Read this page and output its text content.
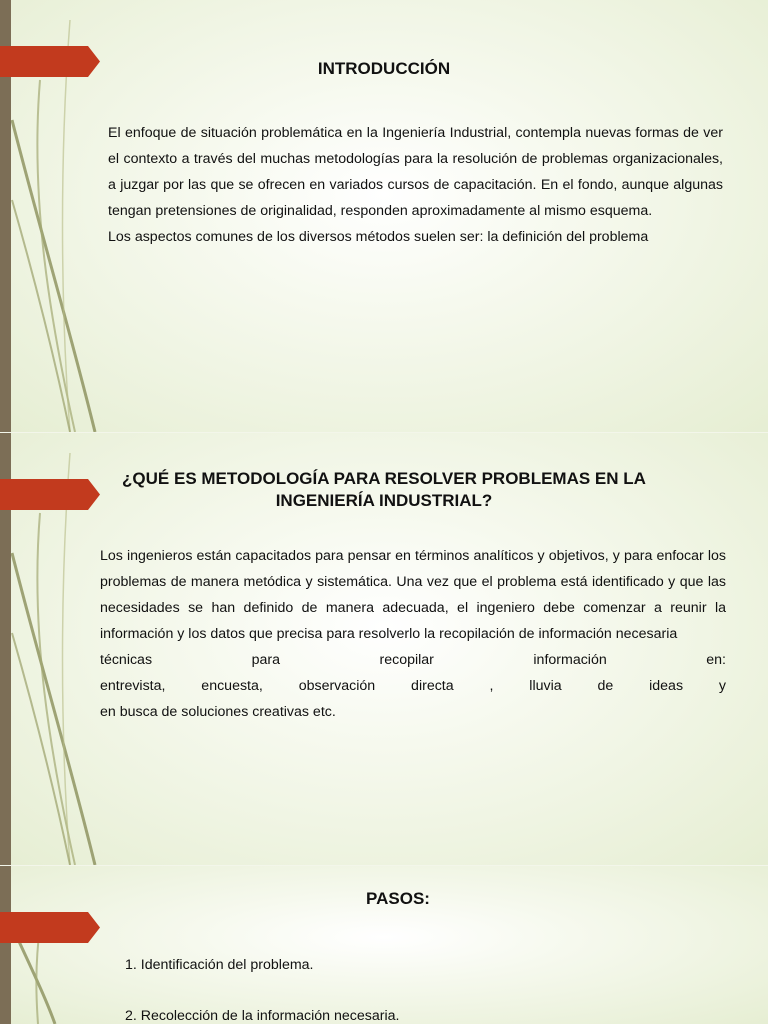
INTRODUCCIÓN
El enfoque de situación problemática en la Ingeniería Industrial, contempla nuevas formas de ver el contexto a través del muchas metodologías para la resolución de problemas organizacionales, a juzgar por las que se ofrecen en variados cursos de capacitación. En el fondo, aunque algunas tengan pretensiones de originalidad, responden aproximadamente al mismo esquema.
Los aspectos comunes de los diversos métodos suelen ser: la definición del problema
¿QUÉ ES METODOLOGÍA PARA RESOLVER PROBLEMAS EN LA
INGENIERÍA INDUSTRIAL?
Los ingenieros están capacitados para pensar en términos analíticos y objetivos, y para enfocar los problemas de manera metódica y sistemática. Una vez que el problema está identificado y que las necesidades se han definido de manera adecuada, el ingeniero debe comenzar a reunir la información y los datos que precisa para resolverlo la recopilación de información necesaria
técnicas para recopilar información en:
entrevista, encuesta, observación directa , lluvia de ideas y
en busca de soluciones creativas etc.
PASOS:
1. Identificación del problema.
2. Recolección de la información necesaria.
